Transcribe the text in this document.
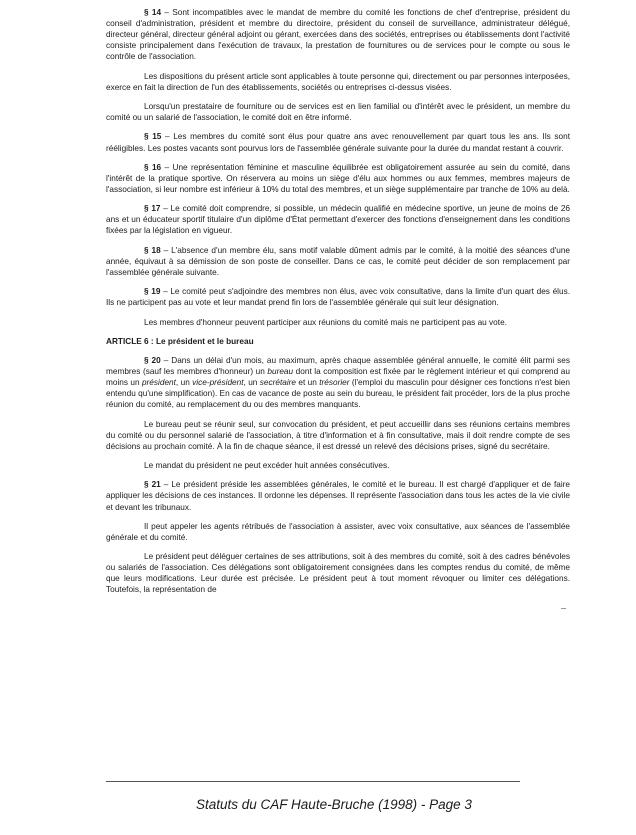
§ 14 – Sont incompatibles avec le mandat de membre du comité les fonctions de chef d'entreprise, président du conseil d'administration, président et membre du directoire, président du conseil de surveillance, administrateur délégué, directeur général, directeur général adjoint ou gérant, exercées dans des sociétés, entreprises ou établissements dont l'activité consiste principalement dans l'exécution de travaux, la prestation de fournitures ou de services pour le compte ou sous le contrôle de l'association.

Les dispositions du présent article sont applicables à toute personne qui, directement ou par personnes interposées, exerce en fait la direction de l'un des établissements, sociétés ou entreprises ci-dessus visées.

Lorsqu'un prestataire de fourniture ou de services est en lien familial ou d'intérêt avec le président, un membre du comité ou un salarié de l'association, le comité doit en être informé.

§ 15 – Les membres du comité sont élus pour quatre ans avec renouvellement par quart tous les ans. Ils sont rééligibles. Les postes vacants sont pourvus lors de l'assemblée générale suivante pour la durée du mandat restant à couvrir.

§ 16 – Une représentation féminine et masculine équilibrée est obligatoirement assurée au sein du comité, dans l'intérêt de la pratique sportive. On réservera au moins un siège d'élu aux hommes ou aux femmes, membres majeurs de l'association, si leur nombre est inférieur à 10% du total des membres, et un siège supplémentaire par tranche de 10% au delà.

§ 17 – Le comité doit comprendre, si possible, un médecin qualifié en médecine sportive, un jeune de moins de 26 ans et un éducateur sportif titulaire d'un diplôme d'État permettant d'exercer des fonctions d'enseignement dans les conditions fixées par la législation en vigueur.

§ 18 – L'absence d'un membre élu, sans motif valable dûment admis par le comité, à la moitié des séances d'une année, équivaut à sa démission de son poste de conseiller. Dans ce cas, le comité peut décider de son remplacement par l'assemblée générale suivante.

§ 19 – Le comité peut s'adjoindre des membres non élus, avec voix consultative, dans la limite d'un quart des élus. Ils ne participent pas au vote et leur mandat prend fin lors de l'assemblée générale qui suit leur désignation.

Les membres d'honneur peuvent participer aux réunions du comité mais ne participent pas au vote.

ARTICLE 6 : Le président et le bureau

§ 20 – Dans un délai d'un mois, au maximum, après chaque assemblée général annuelle, le comité élit parmi ses membres (sauf les membres d'honneur) un bureau dont la composition est fixée par le règlement intérieur et qui comprend au moins un président, un vice-président, un secrétaire et un trésorier (l'emploi du masculin pour désigner ces fonctions n'est bien entendu qu'une simplification). En cas de vacance de poste au sein du bureau, le président fait procéder, lors de la plus proche réunion du comité, au remplacement du ou des membres manquants.

Le bureau peut se réunir seul, sur convocation du président, et peut accueillir dans ses réunions certains membres du comité ou du personnel salarié de l'association, à titre d'information et à fin consultative, mais il doit rendre compte de ses décisions au prochain comité. À la fin de chaque séance, il est dressé un relevé des décisions prises, signé du secrétaire.

Le mandat du président ne peut excéder huit années consécutives.

§ 21 – Le président préside les assemblées générales, le comité et le bureau. Il est chargé d'appliquer et de faire appliquer les décisions de ces instances. Il ordonne les dépenses. Il représente l'association dans tous les actes de la vie civile et devant les tribunaux.

Il peut appeler les agents rétribués de l'association à assister, avec voix consultative, aux séances de l'assemblée générale et du comité.

Le président peut déléguer certaines de ses attributions, soit à des membres du comité, soit à des cadres bénévoles ou salariés de l'association. Ces délégations sont obligatoirement consignées dans les comptes rendus du comité, de même que leurs modifications. Leur durée est précisée. Le président peut à tout moment révoquer ou limiter ces délégations. Toutefois, la représentation de

Statuts du CAF Haute-Bruche (1998) - Page 3
